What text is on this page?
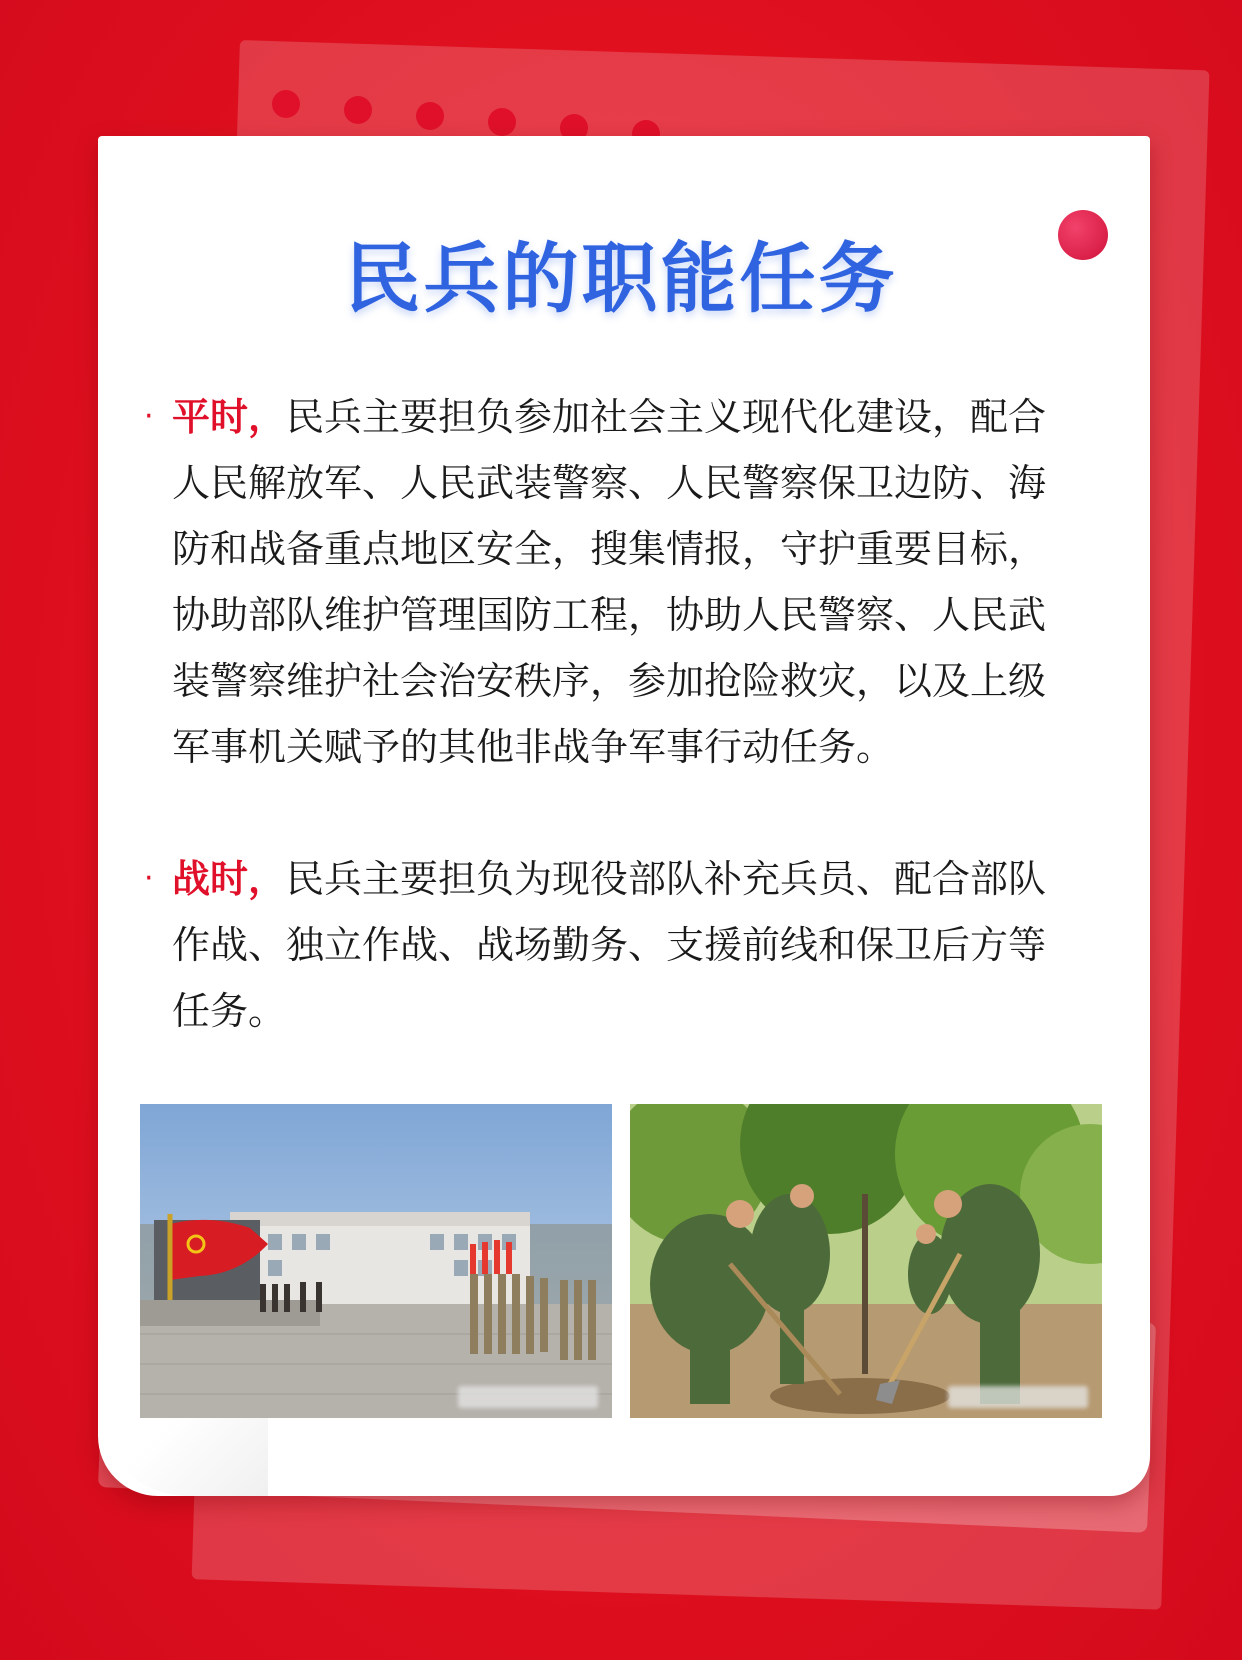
民兵的职能任务
· 平时，民兵主要担负参加社会主义现代化建设，配合人民解放军、人民武装警察、人民警察保卫边防、海防和战备重点地区安全，搜集情报，守护重要目标，协助部队维护管理国防工程，协助人民警察、人民武装警察维护社会治安秩序，参加抢险救灾，以及上级军事机关赋予的其他非战争军事行动任务。
· 战时，民兵主要担负为现役部队补充兵员、配合部队作战、独立作战、战场勤务、支援前线和保卫后方等任务。
